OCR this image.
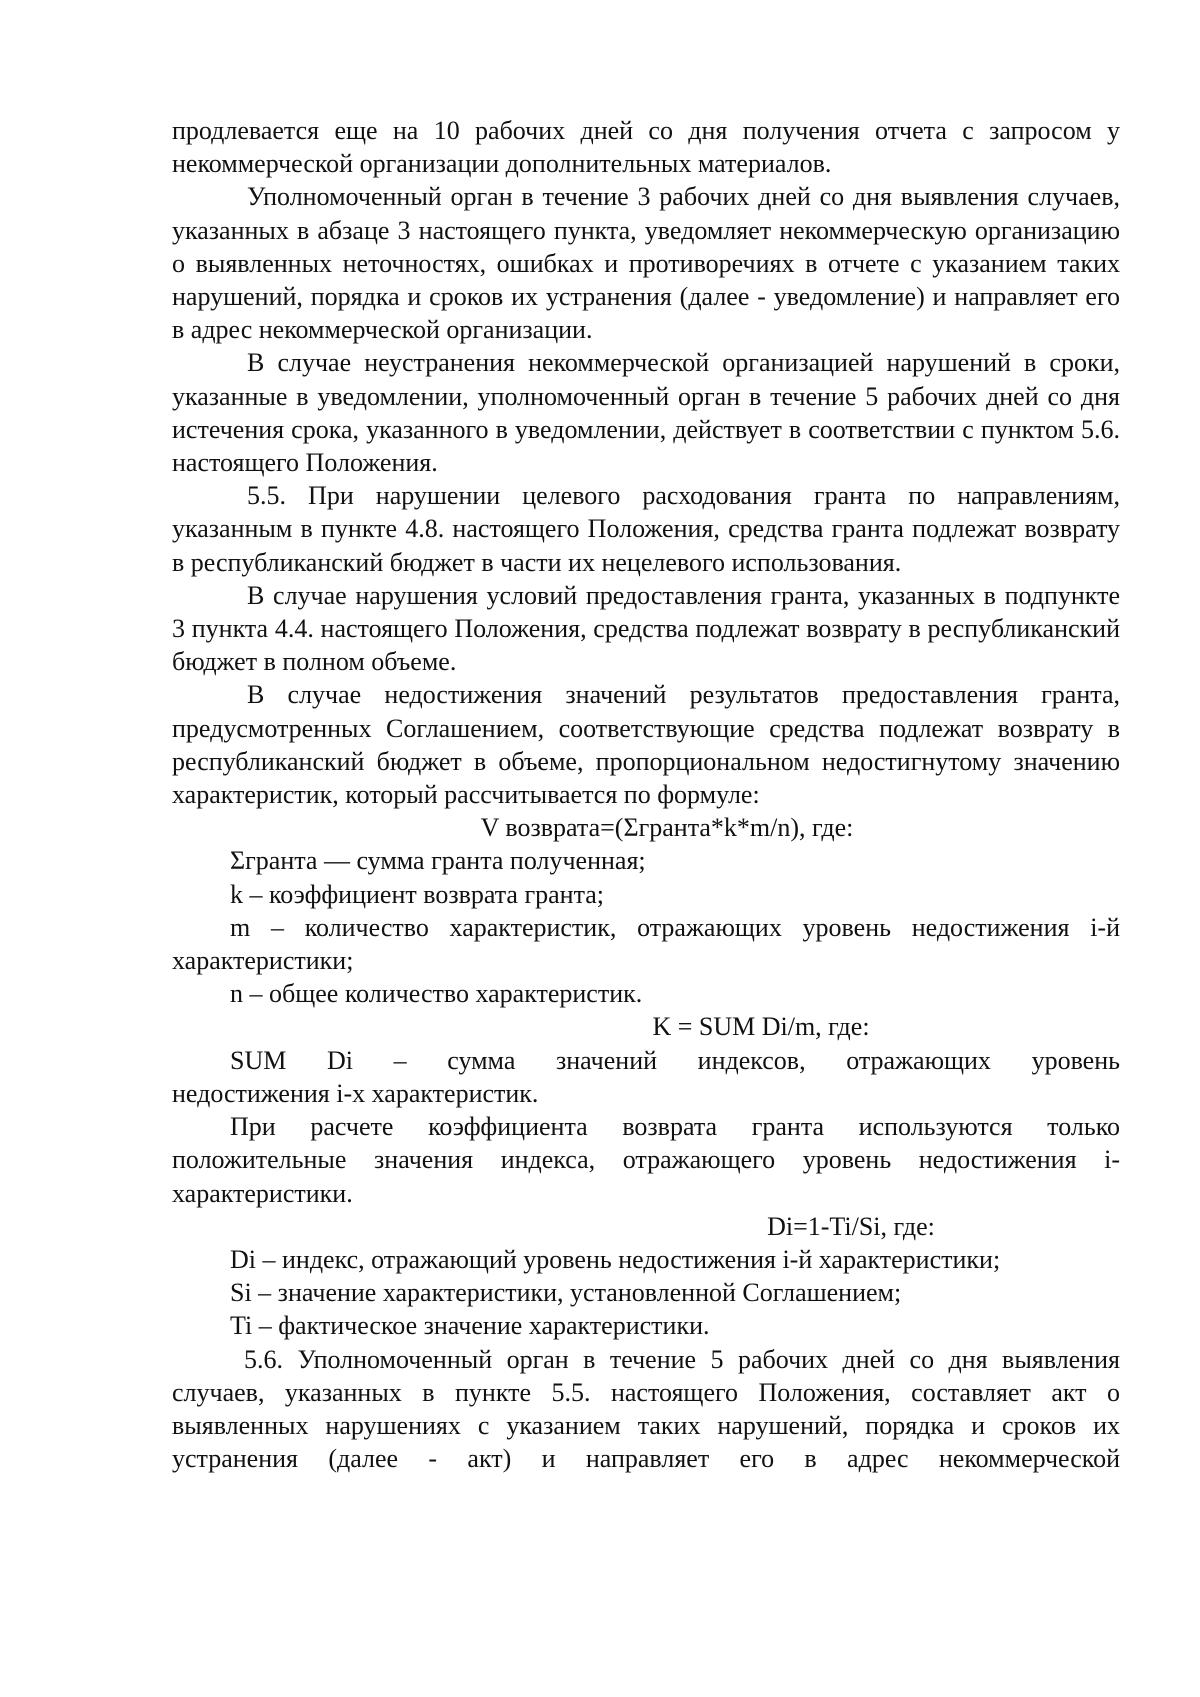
продлевается еще на 10 рабочих дней со дня получения отчета с запросом у некоммерческой организации дополнительных материалов.

Уполномоченный орган в течение 3 рабочих дней со дня выявления случаев, указанных в абзаце 3 настоящего пункта, уведомляет некоммерческую организацию о выявленных неточностях, ошибках и противоречиях в отчете с указанием таких нарушений, порядка и сроков их устранения (далее - уведомление) и направляет его в адрес некоммерческой организации.

В случае неустранения некоммерческой организацией нарушений в сроки, указанные в уведомлении, уполномоченный орган в течение 5 рабочих дней со дня истечения срока, указанного в уведомлении, действует в соответствии с пунктом 5.6. настоящего Положения.

5.5. При нарушении целевого расходования гранта по направлениям, указанным в пункте 4.8. настоящего Положения, средства гранта подлежат возврату в республиканский бюджет в части их нецелевого использования.

В случае нарушения условий предоставления гранта, указанных в подпункте 3 пункта 4.4. настоящего Положения, средства подлежат возврату в республиканский бюджет в полном объеме.

В случае недостижения значений результатов предоставления гранта, предусмотренных Соглашением, соответствующие средства подлежат возврату в республиканский бюджет в объеме, пропорциональном недостигнутому значению характеристик, который рассчитывается по формуле:

V возврата=(Σгранта*k*m/n), где:

Σгранта — сумма гранта полученная;

k – коэффициент возврата гранта;

m – количество характеристик, отражающих уровень недостижения i-й характеристики;

n – общее количество характеристик.

K = SUM Di/m, где:

SUM Di – сумма значений индексов, отражающих уровень

недостижения i-х характеристик.

При расчете коэффициента возврата гранта используются только положительные значения индекса, отражающего уровень недостижения i-характеристики.

Di=1-Ti/Si, где:

Di – индекс, отражающий уровень недостижения i-й характеристики;

Si – значение характеристики, установленной Соглашением;

Ti – фактическое значение характеристики.

5.6. Уполномоченный орган в течение 5 рабочих дней со дня выявления случаев, указанных в пункте 5.5. настоящего Положения, составляет акт о выявленных нарушениях с указанием таких нарушений, порядка и сроков их устранения (далее - акт) и направляет его в адрес некоммерческой
